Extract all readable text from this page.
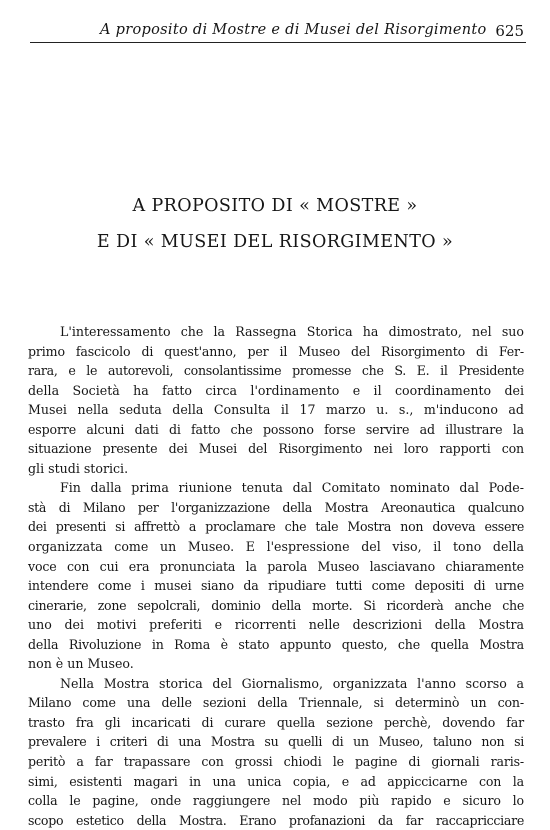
A proposito di Mostre e di Musei del Risorgimento 625
A PROPOSITO DI « MOSTRE »
E DI « MUSEI DEL RISORGIMENTO »

L'interessamento che la Rassegna Storica ha dimostrato, nel suo
primo fascicolo di quest'anno, per il Museo del Risorgimento di Fer-
rara, e le autorevoli, consolantissime promesse che S. E. il Presidente
della Società ha fatto circa l'ordinamento e il coordinamento dei
Musei nella seduta della Consulta il 17 marzo u. s., m'inducono ad
esporre alcuni dati di fatto che possono forse servire ad illustrare la
situazione presente dei Musei del Risorgimento nei loro rapporti con
gli studi storici.

Fin dalla prima riunione tenuta dal Comitato nominato dal Pode-
stà di Milano per l'organizzazione della Mostra Areonautica qualcuno
dei presenti si affrettò a proclamare che tale Mostra non doveva essere
organizzata come un Museo. E l'espressione del viso, il tono della
voce con cui era pronunciata la parola Museo lasciavano chiaramente
intendere come i musei siano da ripudiare tutti come depositi di urne
cinerarie, zone sepolcrali, dominio della morte. Si ricorderà anche che
uno dei motivi preferiti e ricorrenti nelle descrizioni della Mostra
della Rivoluzione in Roma è stato appunto questo, che quella Mostra
non è un Museo.

Nella Mostra storica del Giornalismo, organizzata l'anno scorso a
Milano come una delle sezioni della Triennale, si determinò un con-
trasto fra gli incaricati di curare quella sezione perchè, dovendo far
prevalere i criteri di una Mostra su quelli di un Museo, taluno non si
peritò a far trapassare con grossi chiodi le pagine di giornali raris-
simi, esistenti magari in una unica copia, e ad appiccicarne con la
colla le pagine, onde raggiungere nel modo più rapido e sicuro lo
scopo estetico della Mostra. Erano profanazioni da far raccapricciare
